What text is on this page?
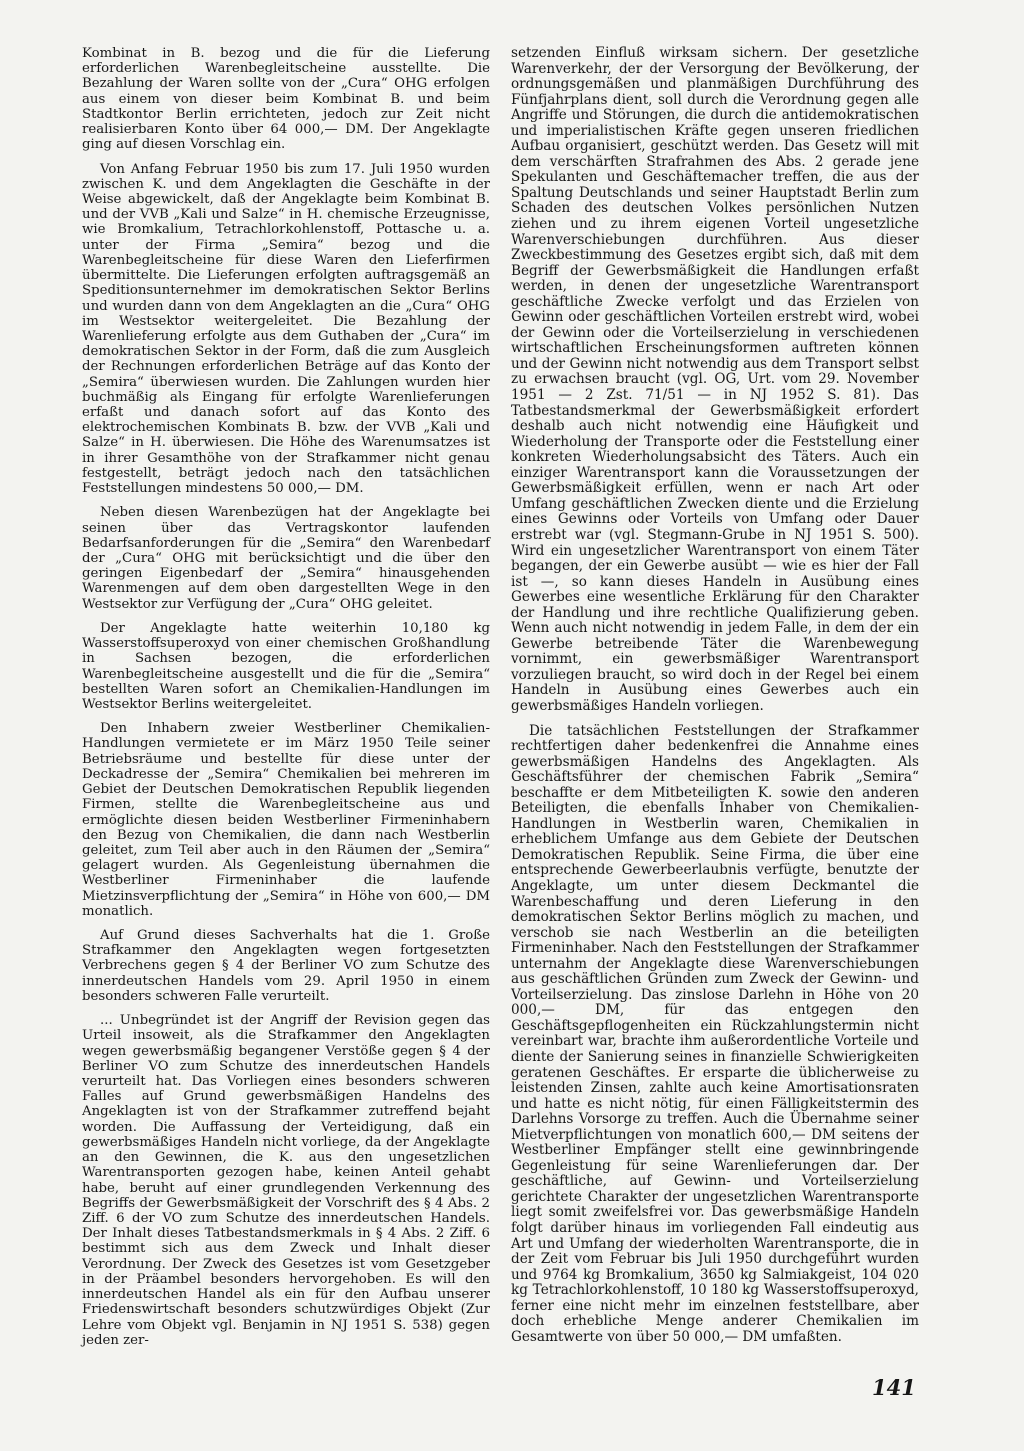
Kombinat in B. bezog und die für die Lieferung erforderlichen Warenbegleitscheine ausstellte. Die Bezahlung der Waren sollte von der „Cura“ OHG erfolgen aus einem von dieser beim Kombinat B. und beim Stadtkontor Berlin errichteten, jedoch zur Zeit nicht realisierbaren Konto über 64 000,— DM. Der Angeklagte ging auf diesen Vorschlag ein.

Von Anfang Februar 1950 bis zum 17. Juli 1950 wurden zwischen K. und dem Angeklagten die Geschäfte in der Weise abgewickelt, daß der Angeklagte beim Kombinat B. und der VVB „Kali und Salze“ in H. chemische Erzeugnisse, wie Bromkalium, Tetrachlorkohlenstoff, Pottasche u. a. unter der Firma „Semira“ bezog und die Warenbegleitscheine für diese Waren den Lieferfirmen übermittelte. Die Lieferungen erfolgten auftragsgemäß an Speditionsunternehmer im demokratischen Sektor Berlins und wurden dann von dem Angeklagten an die „Cura“ OHG im Westsektor weitergeleitet. Die Bezahlung der Warenlieferung erfolgte aus dem Guthaben der „Cura“ im demokratischen Sektor in der Form, daß die zum Ausgleich der Rechnungen erforderlichen Beträge auf das Konto der „Semira“ überwiesen wurden. Die Zahlungen wurden hier buchmäßig als Eingang für erfolgte Warenlieferungen erfaßt und danach sofort auf das Konto des elektrochemischen Kombinats B. bzw. der VVB „Kali und Salze“ in H. überwiesen. Die Höhe des Warenumsatzes ist in ihrer Gesamthöhe von der Strafkammer nicht genau festgestellt, beträgt jedoch nach den tatsächlichen Feststellungen mindestens 50 000,— DM.

Neben diesen Warenbezügen hat der Angeklagte bei seinen über das Vertragskontor laufenden Bedarfsanforderungen für die „Semira“ den Warenbedarf der „Cura“ OHG mit berücksichtigt und die über den geringen Eigenbedarf der „Semira“ hinausgehenden Warenmengen auf dem oben dargestellten Wege in den Westsektor zur Verfügung der „Cura“ OHG geleitet.

Der Angeklagte hatte weiterhin 10,180 kg Wasserstoffsuperoxyd von einer chemischen Großhandlung in Sachsen bezogen, die erforderlichen Warenbegleitscheine ausgestellt und die für die „Semira“ bestellten Waren sofort an Chemikalien-Handlungen im Westsektor Berlins weitergeleitet.

Den Inhabern zweier Westberliner Chemikalien-Handlungen vermietete er im März 1950 Teile seiner Betriebsräume und bestellte für diese unter der Deckadresse der „Semira“ Chemikalien bei mehreren im Gebiet der Deutschen Demokratischen Republik liegenden Firmen, stellte die Warenbegleitscheine aus und ermöglichte diesen beiden Westberliner Firmeninhabern den Bezug von Chemikalien, die dann nach Westberlin geleitet, zum Teil aber auch in den Räumen der „Semira“ gelagert wurden. Als Gegenleistung übernahmen die Westberliner Firmeninhaber die laufende Mietzinsverpflichtung der „Semira“ in Höhe von 600,— DM monatlich.

Auf Grund dieses Sachverhalts hat die 1. Große Strafkammer den Angeklagten wegen fortgesetzten Verbrechens gegen § 4 der Berliner VO zum Schutze des innerdeutschen Handels vom 29. April 1950 in einem besonders schweren Falle verurteilt.

... Unbegründet ist der Angriff der Revision gegen das Urteil insoweit, als die Strafkammer den Angeklagten wegen gewerbsmäßig begangener Verstöße gegen § 4 der Berliner VO zum Schutze des innerdeutschen Handels verurteilt hat. Das Vorliegen eines besonders schweren Falles auf Grund gewerbsmäßigen Handelns des Angeklagten ist von der Strafkammer zutreffend bejaht worden. Die Auffassung der Verteidigung, daß ein gewerbsmäßiges Handeln nicht vorliege, da der Angeklagte an den Gewinnen, die K. aus den ungesetzlichen Warentransporten gezogen habe, keinen Anteil gehabt habe, beruht auf einer grundlegenden Verkennung des Begriffs der Gewerbsmäßigkeit der Vorschrift des § 4 Abs. 2 Ziff. 6 der VO zum Schutze des innerdeutschen Handels. Der Inhalt dieses Tatbestandsmerkmals in § 4 Abs. 2 Ziff. 6 bestimmt sich aus dem Zweck und Inhalt dieser Verordnung. Der Zweck des Gesetzes ist vom Gesetzgeber in der Präambel besonders hervorgehoben. Es will den innerdeutschen Handel als ein für den Aufbau unserer Friedenswirtschaft besonders schutzwürdiges Objekt (Zur Lehre vom Objekt vgl. Benjamin in NJ 1951 S. 538) gegen jeden zer-

setzenden Einfluß wirksam sichern. Der gesetzliche Warenverkehr, der der Versorgung der Bevölkerung, der ordnungsgemäßen und planmäßigen Durchführung des Fünfjahrplans dient, soll durch die Verordnung gegen alle Angriffe und Störungen, die durch die antidemokratischen und imperialistischen Kräfte gegen unseren friedlichen Aufbau organisiert, geschützt werden. Das Gesetz will mit dem verschärften Strafrahmen des Abs. 2 gerade jene Spekulanten und Geschäftemacher treffen, die aus der Spaltung Deutschlands und seiner Hauptstadt Berlin zum Schaden des deutschen Volkes persönlichen Nutzen ziehen und zu ihrem eigenen Vorteil ungesetzliche Warenverschiebungen durchführen. Aus dieser Zweckbestimmung des Gesetzes ergibt sich, daß mit dem Begriff der Gewerbsmäßigkeit die Handlungen erfaßt werden, in denen der ungesetzliche Warentransport geschäftliche Zwecke verfolgt und das Erzielen von Gewinn oder geschäftlichen Vorteilen erstrebt wird, wobei der Gewinn oder die Vorteilserzielung in verschiedenen wirtschaftlichen Erscheinungsformen auftreten können und der Gewinn nicht notwendig aus dem Transport selbst zu erwachsen braucht (vgl. OG, Urt. vom 29. November 1951 — 2 Zst. 71/51 — in NJ 1952 S. 81). Das Tatbestandsmerkmal der Gewerbsmäßigkeit erfordert deshalb auch nicht notwendig eine Häufigkeit und Wiederholung der Transporte oder die Feststellung einer konkreten Wiederholungsabsicht des Täters. Auch ein einziger Warentransport kann die Voraussetzungen der Gewerbsmäßigkeit erfüllen, wenn er nach Art oder Umfang geschäftlichen Zwecken diente und die Erzielung eines Gewinns oder Vorteils von Umfang oder Dauer erstrebt war (vgl. Stegmann-Grube in NJ 1951 S. 500). Wird ein ungesetzlicher Warentransport von einem Täter begangen, der ein Gewerbe ausübt — wie es hier der Fall ist —, so kann dieses Handeln in Ausübung eines Gewerbes eine wesentliche Erklärung für den Charakter der Handlung und ihre rechtliche Qualifizierung geben. Wenn auch nicht notwendig in jedem Falle, in dem der ein Gewerbe betreibende Täter die Warenbewegung vornimmt, ein gewerbsmäßiger Warentransport vorzuliegen braucht, so wird doch in der Regel bei einem Handeln in Ausübung eines Gewerbes auch ein gewerbsmäßiges Handeln vorliegen.

Die tatsächlichen Feststellungen der Strafkammer rechtfertigen daher bedenkenfrei die Annahme eines gewerbsmäßigen Handelns des Angeklagten. Als Geschäftsführer der chemischen Fabrik „Semira“ beschaffte er dem Mitbeteiligten K. sowie den anderen Beteiligten, die ebenfalls Inhaber von Chemikalien-Handlungen in Westberlin waren, Chemikalien in erheblichem Umfange aus dem Gebiete der Deutschen Demokratischen Republik. Seine Firma, die über eine entsprechende Gewerbeerlaubnis verfügte, benutzte der Angeklagte, um unter diesem Deckmantel die Warenbeschaffung und deren Lieferung in den demokratischen Sektor Berlins möglich zu machen, und verschob sie nach Westberlin an die beteiligten Firmeninhaber. Nach den Feststellungen der Strafkammer unternahm der Angeklagte diese Warenverschiebungen aus geschäftlichen Gründen zum Zweck der Gewinn- und Vorteilserzielung. Das zinslose Darlehn in Höhe von 20 000,— DM, für das entgegen den Geschäftsgepflogenheiten ein Rückzahlungstermin nicht vereinbart war, brachte ihm außerordentliche Vorteile und diente der Sanierung seines in finanzielle Schwierigkeiten geratenen Geschäftes. Er ersparte die üblicherweise zu leistenden Zinsen, zahlte auch keine Amortisationsraten und hatte es nicht nötig, für einen Fälligkeitstermin des Darlehns Vorsorge zu treffen. Auch die Übernahme seiner Mietverpflichtungen von monatlich 600,— DM seitens der Westberliner Empfänger stellt eine gewinnbringende Gegenleistung für seine Warenlieferungen dar. Der geschäftliche, auf Gewinn- und Vorteilserzielung gerichtete Charakter der ungesetzlichen Warentransporte liegt somit zweifelsfrei vor. Das gewerbsmäßige Handeln folgt darüber hinaus im vorliegenden Fall eindeutig aus Art und Umfang der wiederholten Warentransporte, die in der Zeit vom Februar bis Juli 1950 durchgeführt wurden und 9764 kg Bromkalium, 3650 kg Salmiakgeist, 104 020 kg Tetrachlorkohlenstoff, 10 180 kg Wasserstoffsuperoxyd, ferner eine nicht mehr im einzelnen feststellbare, aber doch erhebliche Menge anderer Chemikalien im Gesamtwerte von über 50 000,— DM umfaßten.

141
